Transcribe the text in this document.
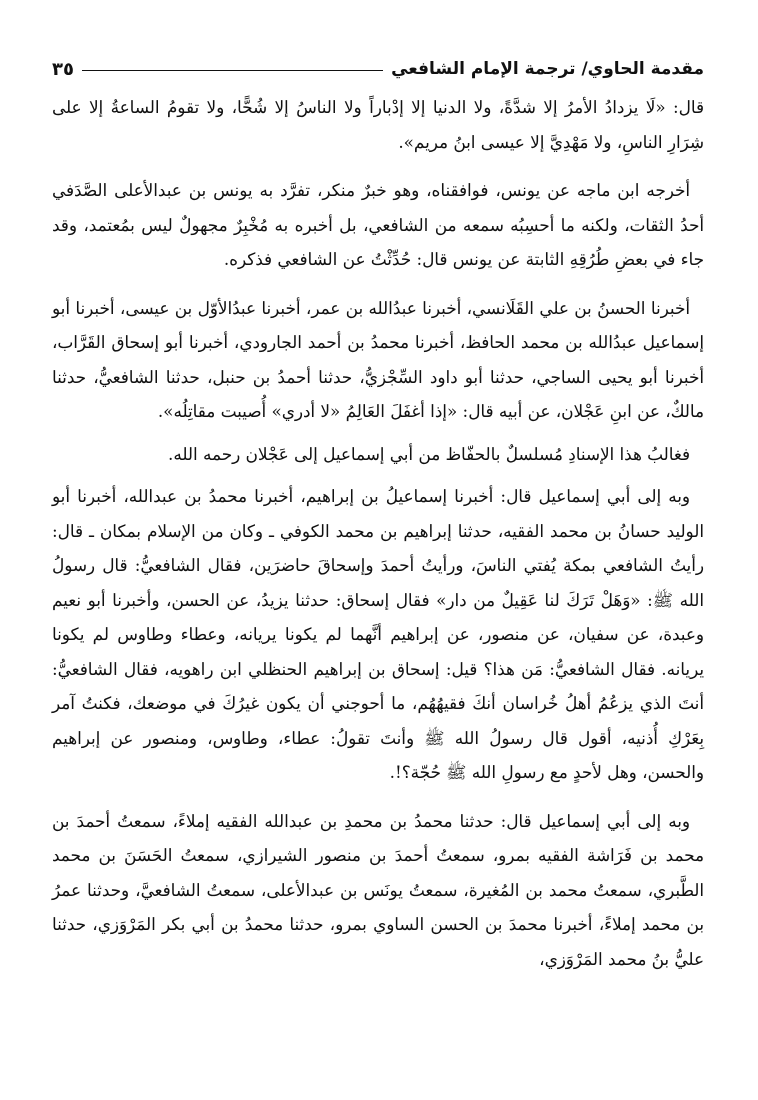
مقدمة الحاوي/ ترجمة الإمام الشافعي
٣٥

قال: «لَا يزدادُ الأمرُ إلا شدَّةً، ولا الدنيا إلا إدْباراً ولا الناسُ إلا شُحًّا، ولا تقومُ الساعةُ إلا على شِرَارِ الناسِ، ولا مَهْدِيَّ إلا عيسى ابنُ مريم».

أخرجه ابن ماجه عن يونس، فوافقناه، وهو خبرٌ منكر، تفرَّد به يونس بن عبدالأعلى الصَّدَفي أحدُ الثقات، ولكنه ما أحسِبُه سمعه من الشافعي، بل أخبره به مُخْبِرٌ مجهولٌ ليس بمُعتمد، وقد جاء في بعضِ طُرُقِهِ الثابتة عن يونس قال: حُدِّثْتُ عن الشافعي فذكره.

أخبرنا الحسنُ بن علي القَلَانسي، أخبرنا عبدُالله بن عمر، أخبرنا عبدُالأوّل بن عيسى، أخبرنا أبو إسماعيل عبدُالله بن محمد الحافظ، أخبرنا محمدُ بن أحمد الجارودي، أخبرنا أبو إسحاق القَرَّاب، أخبرنا أبو يحيى الساجي، حدثنا أبو داود السِّجْزيُّ، حدثنا أحمدُ بن حنبل، حدثنا الشافعيُّ، حدثنا مالكٌ، عن ابنِ عَجْلان، عن أبيه قال: «إذا أغفَلَ العَالِمُ «لا أدري» أُصيبت مقاتِلُه».

فغالبُ هذا الإسنادِ مُسلسلٌ بالحفّاظ من أبي إسماعيل إلى عَجْلان رحمه الله.

وبه إلى أبي إسماعيل قال: أخبرنا إسماعيلُ بن إبراهيم، أخبرنا محمدُ بن عبدالله، أخبرنا أبو الوليد حسانُ بن محمد الفقيه، حدثنا إبراهيم بن محمد الكوفي ـ وكان من الإسلام بمكان ـ قال: رأيتُ الشافعي بمكة يُفتي الناسَ، ورأيتُ أحمدَ وإسحاقَ حاضرَين، فقال الشافعيُّ: قال رسولُ الله ﷺ: «وَهَلْ تَرَكَ لنا عَقِيلٌ من دار» فقال إسحاق: حدثنا يزيدُ، عن الحسن، وأخبرنا أبو نعيم وعبدة، عن سفيان، عن منصور، عن إبراهيم أنَّهما لم يكونا يريانه، وعطاء وطاوس لم يكونا يريانه. فقال الشافعيُّ: مَن هذا؟ قيل: إسحاق بن إبراهيم الحنظلي ابن راهويه، فقال الشافعيُّ: أنتَ الذي يزعُمُ أهلُ خُراسان أنكَ فقيهُهُم، ما أحوجني أن يكون غيرُكَ في موضعك، فكنتُ آمر بِعَرْكِ أُذنيه، أقول قال رسولُ الله ﷺ وأنتَ تقولُ: عطاء، وطاوس، ومنصور عن إبراهيم والحسن، وهل لأحدٍ مع رسولِ الله ﷺ حُجّة؟!.

وبه إلى أبي إسماعيل قال: حدثنا محمدُ بن محمدِ بن عبدالله الفقيه إملاءً، سمعتُ أحمدَ بن محمد بن فَرَاشة الفقيه بمرو، سمعتُ أحمدَ بن منصور الشيرازي، سمعتُ الحَسَنَ بن محمد الطَّبري، سمعتُ محمد بن المُغيرة، سمعتُ يونَس بن عبدالأعلى، سمعتُ الشافعيَّ، وحدثنا عمرُ بن محمد إملاءً، أخبرنا محمدَ بن الحسن الساوي بمرو، حدثنا محمدُ بن أبي بكر المَرْوَزي، حدثنا عليُّ بنُ محمد المَرْوَزي،
